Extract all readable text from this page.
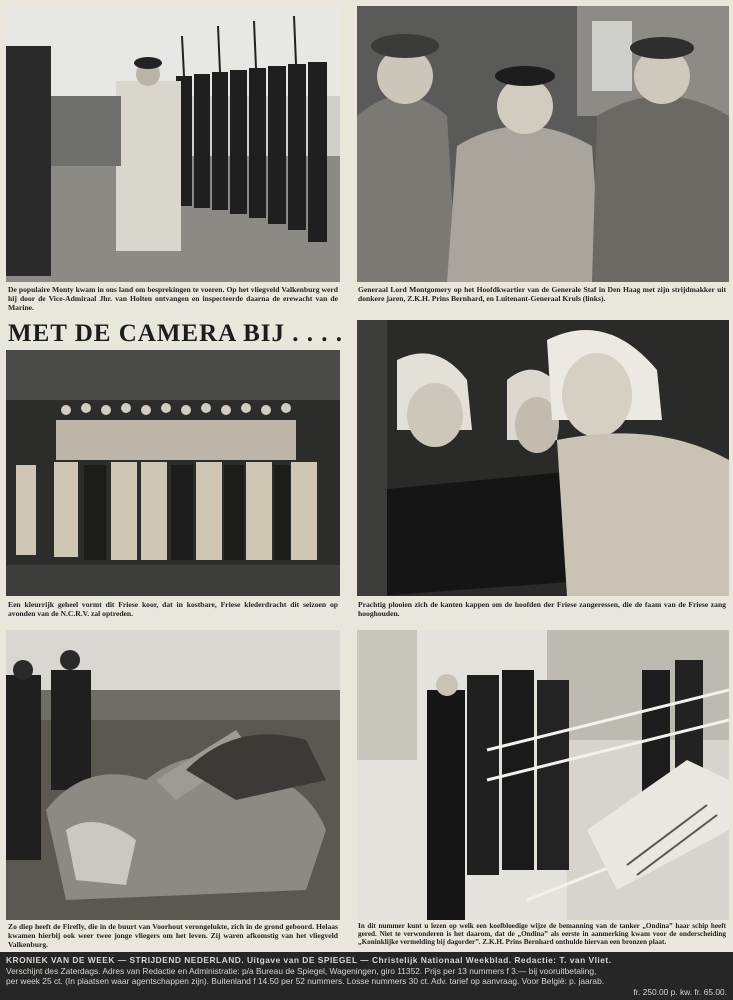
De populaire Monty kwam in ons land om besprekingen te voeren. Op het vliegveld Valkenburg werd hij door de Vice-Admiraal Jhr. van Holten ontvangen en inspecteerde daarna de erewacht van de Marine.
Generaal Lord Montgomery op het Hoofdkwartier van de Generale Staf in Den Haag met zijn strijdmakker uit donkere jaren, Z.K.H. Prins Bernhard, en Luitenant-Generaal Kruls (links).
MET DE CAMERA BIJ . . . .
Een kleurrijk geheel vormt dit Friese koor, dat in kostbare, Friese klederdracht dit seizoen op avonden van de N.C.R.V. zal optreden.
Prachtig plooien zich de kanten kappen om de hoofden der Friese zangeressen, die de faam van de Friese zang hooghouden.
Zo diep heeft de Firefly, die in de buurt van Voorhout verongelukte, zich in de grond geboord. Helaas kwamen hierbij ook weer twee jonge vliegers om het leven. Zij waren afkomstig van het vliegveld Valkenburg.
In dit nummer kunt u lezen op welk een koelbloedige wijze de bemanning van de tanker „Ondina” haar schip heeft gered. Niet te verwonderen is het daarom, dat de „Ondina” als eerste in aanmerking kwam voor de onderscheiding „Koninklijke vermelding bij dagorder”. Z.K.H. Prins Bernhard onthulde hiervan een bronzen plaat.
KRONIEK VAN DE WEEK — STRIJDEND NEDERLAND. Uitgave van DE SPIEGEL — Christelijk Nationaal Weekblad. Redactie: T. van Vliet.
Verschijnt des Zaterdags. Adres van Redactie en Administratie: p/a Bureau de Spiegel, Wageningen, giro 11352. Prijs per 13 nummers f 3.— bij vooruitbetaling,
per week 25 ct. (In plaatsen waar agentschappen zijn). Buitenland f 14.50 per 52 nummers. Losse nummers 30 ct. Adv. tarief op aanvraag. Voor België: p. jaarab.
fr. 250.00 p. kw. fr. 65.00.
